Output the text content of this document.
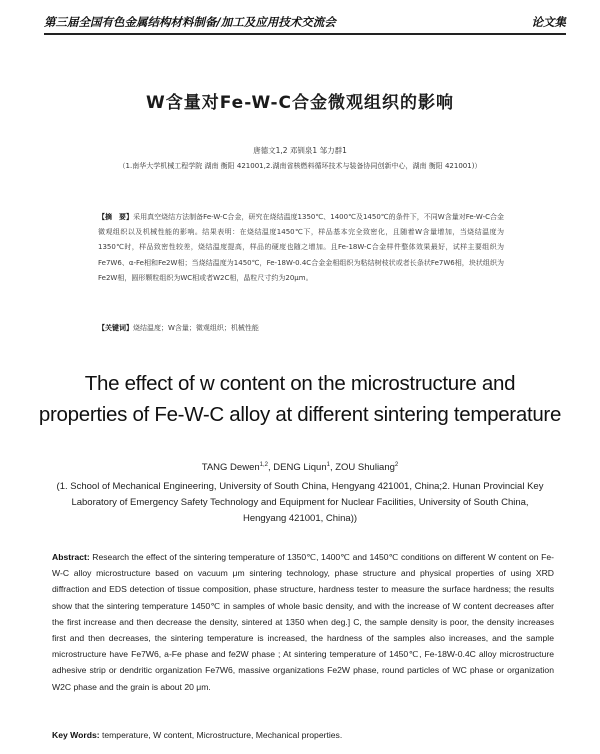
第三届全国有色金属结构材料制备/加工及应用技术交流会	论文集
W含量对Fe-W-C合金微观组织的影响
唐德文1,2 邓钏泉1 邹力群1
（1.南华大学机械工程学院 湖南 衡阳 421001,2.湖南省核燃料循环技术与装备协同创新中心，湖南 衡阳 421001)）
【摘　要】采用真空烧结方法制备Fe-W-C合金，研究在烧结温度1350℃、1400℃及1450℃的条件下，不同W含量对Fe-W-C合金微观组织以及机械性能的影响。结果表明：在烧结温度1450℃下，样品基本完全致密化，且随着W含量增加，当烧结温度为1350℃时，样品致密性较差，烧结温度提高，样品的硬度也随之增加。且Fe-18W-C合金样件整体效果最好，试样主要组织为Fe7W6、α-Fe相和Fe2W相；当烧结温度为1450℃，Fe-18W-0.4C合金金相组织为粘结树枝状或者长条状Fe7W6相，块状组织为Fe2W相，圆形颗粒组织为WC相或者W2C相，晶粒尺寸约为20μm。
【关键词】烧结温度；W含量；微观组织；机械性能
The effect of w content on the microstructure and
properties of Fe-W-C alloy at different sintering temperature
TANG Dewen$^{1,2}$, DENG Liqun$^1$, ZOU Shuliang$^2$
(1. School of Mechanical Engineering, University of South China, Hengyang 421001, China;2. Hunan Provincial Key Laboratory of Emergency Safety Technology and Equipment for Nuclear Facilities, University of South China, Hengyang 421001, China))
Abstract: Research the effect of the sintering temperature of 1350℃, 1400℃ and 1450℃ conditions on different W content on Fe-W-C alloy microstructure based on vacuum μm sintering technology, phase structure and physical properties of using XRD diffraction and EDS detection of tissue composition, phase structure, hardness tester to measure the surface hardness; the results show that the sintering temperature 1450℃ in samples of whole basic density, and with the increase of W content decreases after the first increase and then decrease the density, sintered at 1350 when deg.] C, the sample density is poor, the density increases first and then decreases, the sintering temperature is increased, the hardness of the samples also increases, and the sample microstructure have Fe7W6, a-Fe phase and fe2W phase ; At sintering temperature of 1450℃, Fe-18W-0.4C alloy microstructure adhesive strip or dendritic organization Fe7W6, massive organizations Fe2W phase, round particles of WC phase or organization W2C phase and the grain is about 20 μm.
Key Words: temperature, W content, Microstructure, Mechanical properties.
